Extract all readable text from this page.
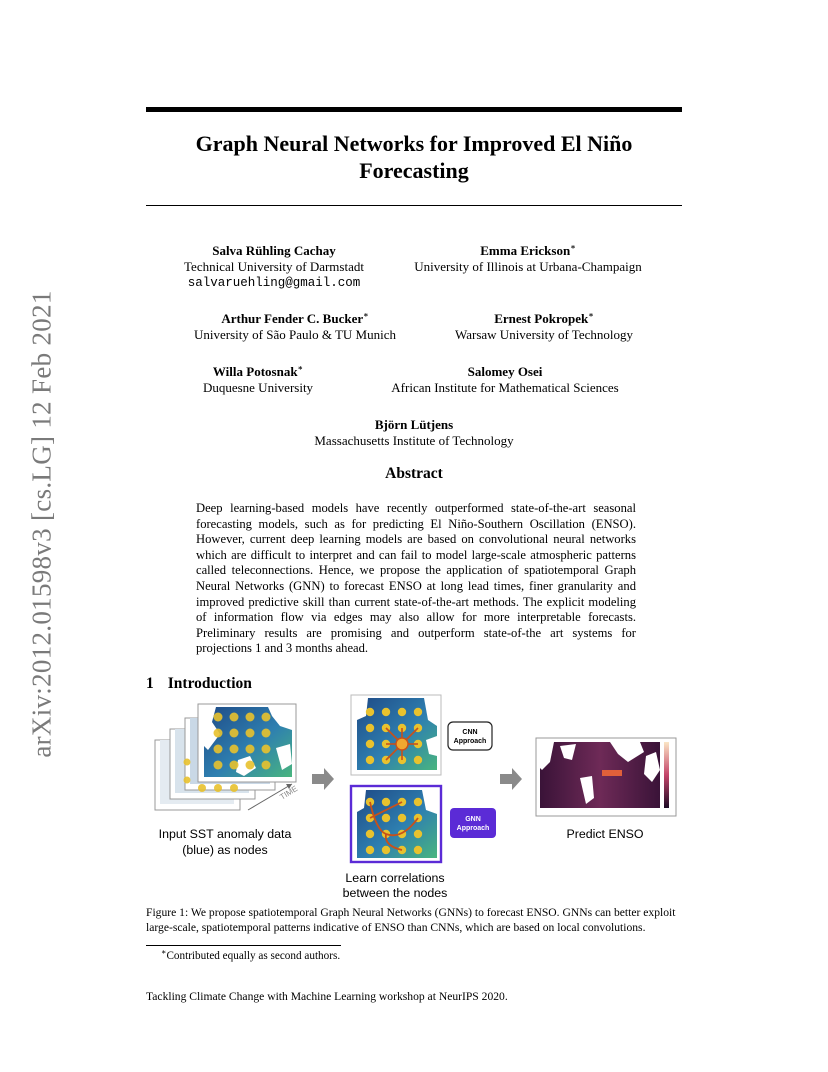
arXiv:2012.01598v3 [cs.LG] 12 Feb 2021
Graph Neural Networks for Improved El Niño Forecasting
Salva Rühling Cachay
Technical University of Darmstadt
salvaruehling@gmail.com
Emma Erickson∗
University of Illinois at Urbana-Champaign
Arthur Fender C. Bucker∗
University of São Paulo & TU Munich
Ernest Pokropek∗
Warsaw University of Technology
Willa Potosnak∗
Duquesne University
Salomey Osei
African Institute for Mathematical Sciences
Björn Lütjens
Massachusetts Institute of Technology
Abstract
Deep learning-based models have recently outperformed state-of-the-art seasonal forecasting models, such as for predicting El Niño-Southern Oscillation (ENSO). However, current deep learning models are based on convolutional neural networks which are difficult to interpret and can fail to model large-scale atmospheric patterns called teleconnections. Hence, we propose the application of spatiotemporal Graph Neural Networks (GNN) to forecast ENSO at long lead times, finer granularity and improved predictive skill than current state-of-the-art methods. The explicit modeling of information flow via edges may also allow for more interpretable forecasts. Preliminary results are promising and outperform state-of-the art systems for projections 1 and 3 months ahead.
1 Introduction
TIME
Input SST anomaly data
(blue) as nodes
CNN
Approach
GNN
Approach
Learn correlations
between the nodes
Predict ENSO
Figure 1: We propose spatiotemporal Graph Neural Networks (GNNs) to forecast ENSO. GNNs can better exploit large-scale, spatiotemporal patterns indicative of ENSO than CNNs, which are based on local convolutions.
∗Contributed equally as second authors.
Tackling Climate Change with Machine Learning workshop at NeurIPS 2020.
